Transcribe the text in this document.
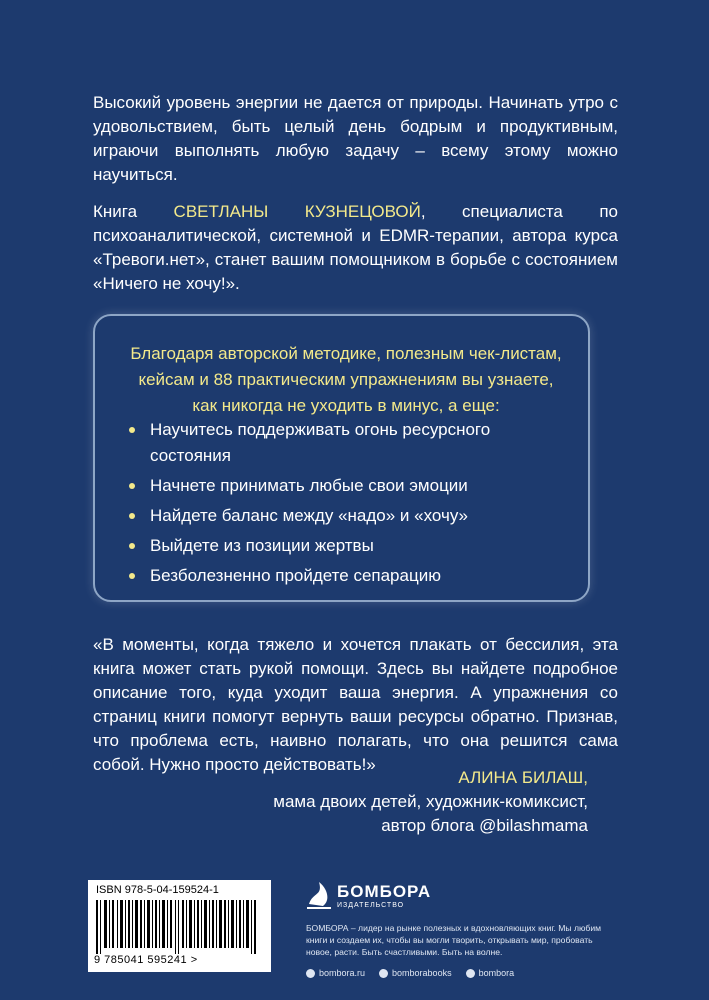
Высокий уровень энергии не дается от природы. Начинать утро с удовольствием, быть целый день бодрым и продуктивным, играючи выполнять любую задачу – всему этому можно научиться.

Книга СВЕТЛАНЫ КУЗНЕЦОВОЙ, специалиста по психоаналитической, системной и EDMR-терапии, автора курса «Тревоги.нет», станет вашим помощником в борьбе с состоянием «Ничего не хочу!».

Благодаря авторской методике, полезным чек-листам, кейсам и 88 практическим упражнениям вы узнаете, как никогда не уходить в минус, а еще:

Научитесь поддерживать огонь ресурсного состояния
Начнете принимать любые свои эмоции
Найдете баланс между «надо» и «хочу»
Выйдете из позиции жертвы
Безболезненно пройдете сепарацию

«В моменты, когда тяжело и хочется плакать от бессилия, эта книга может стать рукой помощи. Здесь вы найдете подробное описание того, куда уходит ваша энергия. А упражнения со страниц книги помогут вернуть ваши ресурсы обратно. Признав, что проблема есть, наивно полагать, что она решится сама собой. Нужно просто действовать!»

АЛИНА БИЛАШ,
мама двоих детей, художник-комиксист,
автор блога @bilashmama
ISBN 978-5-04-159524-1
9 785041 595241 >
БОМБОРА
ИЗДАТЕЛЬСТВО

БОМБОРА – лидер на рынке полезных и вдохновляющих книг. Мы любим книги и создаем их, чтобы вы могли творить, открывать мир, пробовать новое, расти. Быть счастливыми. Быть на волне.

bombora.ru	bomborabooks	bombora
